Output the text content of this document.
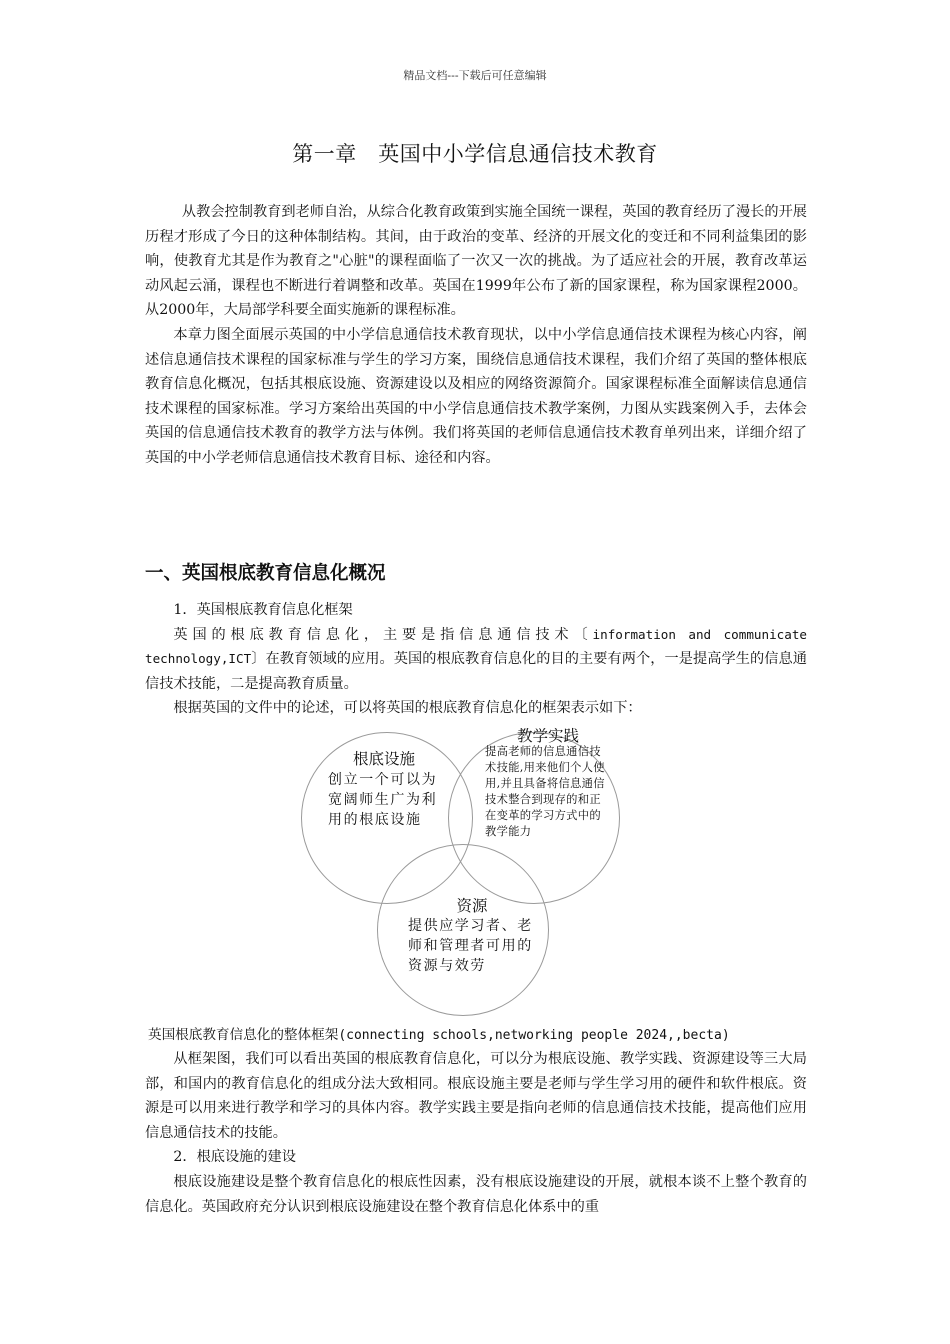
精品文档---下载后可任意编辑
第一章　英国中小学信息通信技术教育

从教会控制教育到老师自治，从综合化教育政策到实施全国统一课程，英国的教育经历了漫长的开展历程才形成了今日的这种体制结构。其间，由于政治的变革、经济的开展文化的变迁和不同利益集团的影响，使教育尤其是作为教育之"心脏"的课程面临了一次又一次的挑战。为了适应社会的开展，教育改革运动风起云涌，课程也不断进行着调整和改革。英国在1999年公布了新的国家课程，称为国家课程2000。从2000年，大局部学科要全面实施新的课程标准。

本章力图全面展示英国的中小学信息通信技术教育现状，以中小学信息通信技术课程为核心内容，阐述信息通信技术课程的国家标准与学生的学习方案，围绕信息通信技术课程，我们介绍了英国的整体根底教育信息化概况，包括其根底设施、资源建设以及相应的网络资源简介。国家课程标准全面解读信息通信技术课程的国家标准。学习方案给出英国的中小学信息通信技术教学案例，力图从实践案例入手，去体会英国的信息通信技术教育的教学方法与体例。我们将英国的老师信息通信技术教育单列出来，详细介绍了英国的中小学老师信息通信技术教育目标、途径和内容。

一、英国根底教育信息化概况

1．英国根底教育信息化框架

英国的根底教育信息化，主要是指信息通信技术〔information and communicate technology,ICT〕在教育领域的应用。英国的根底教育信息化的目的主要有两个，一是提高学生的信息通信技术技能，二是提高教育质量。

根据英国的文件中的论述，可以将英国的根底教育信息化的框架表示如下：

根底设施
创立一个可以为宽阔师生广为利用的根底设施
教学实践
提高老师的信息通信技术技能,用来他们个人使用,并且具备将信息通信技术整合到现存的和正在变革的学习方式中的教学能力
资源
提供应学习者、老师和管理者可用的资源与效劳
英国根底教育信息化的整体框架(connecting schools,networking people 2024,,becta)

从框架图，我们可以看出英国的根底教育信息化，可以分为根底设施、教学实践、资源建设等三大局部，和国内的教育信息化的组成分法大致相同。根底设施主要是老师与学生学习用的硬件和软件根底。资源是可以用来进行教学和学习的具体内容。教学实践主要是指向老师的信息通信技术技能，提高他们应用信息通信技术的技能。

2．根底设施的建设

根底设施建设是整个教育信息化的根底性因素，没有根底设施建设的开展，就根本谈不上整个教育的信息化。英国政府充分认识到根底设施建设在整个教育信息化体系中的重
